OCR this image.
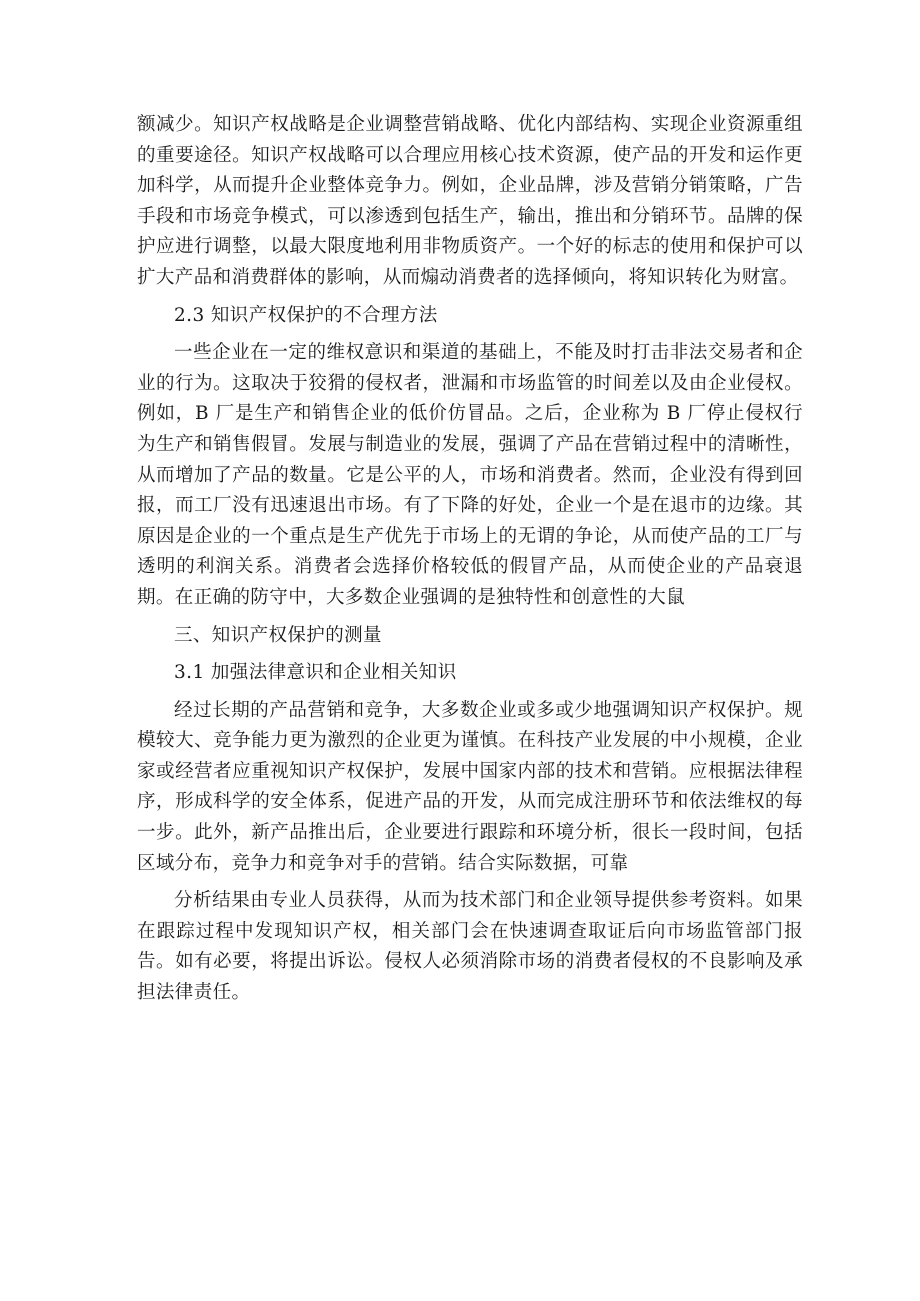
额减少。知识产权战略是企业调整营销战略、优化内部结构、实现企业资源重组的重要途径。知识产权战略可以合理应用核心技术资源，使产品的开发和运作更加科学，从而提升企业整体竞争力。例如，企业品牌，涉及营销分销策略，广告手段和市场竞争模式，可以渗透到包括生产，输出，推出和分销环节。品牌的保护应进行调整，以最大限度地利用非物质资产。一个好的标志的使用和保护可以扩大产品和消费群体的影响，从而煽动消费者的选择倾向，将知识转化为财富。

2.3 知识产权保护的不合理方法

一些企业在一定的维权意识和渠道的基础上，不能及时打击非法交易者和企业的行为。这取决于狡猾的侵权者，泄漏和市场监管的时间差以及由企业侵权。例如，B 厂是生产和销售企业的低价仿冒品。之后，企业称为 B 厂停止侵权行为生产和销售假冒。发展与制造业的发展，强调了产品在营销过程中的清晰性，从而增加了产品的数量。它是公平的人，市场和消费者。然而，企业没有得到回报，而工厂没有迅速退出市场。有了下降的好处，企业一个是在退市的边缘。其原因是企业的一个重点是生产优先于市场上的无谓的争论，从而使产品的工厂与透明的利润关系。消费者会选择价格较低的假冒产品，从而使企业的产品衰退期。在正确的防守中，大多数企业强调的是独特性和创意性的大鼠

三、知识产权保护的测量

3.1 加强法律意识和企业相关知识

经过长期的产品营销和竞争，大多数企业或多或少地强调知识产权保护。规模较大、竞争能力更为激烈的企业更为谨慎。在科技产业发展的中小规模，企业家或经营者应重视知识产权保护，发展中国家内部的技术和营销。应根据法律程序，形成科学的安全体系，促进产品的开发，从而完成注册环节和依法维权的每一步。此外，新产品推出后，企业要进行跟踪和环境分析，很长一段时间，包括区域分布，竞争力和竞争对手的营销。结合实际数据，可靠

分析结果由专业人员获得，从而为技术部门和企业领导提供参考资料。如果在跟踪过程中发现知识产权，相关部门会在快速调查取证后向市场监管部门报告。如有必要，将提出诉讼。侵权人必须消除市场的消费者侵权的不良影响及承担法律责任。
